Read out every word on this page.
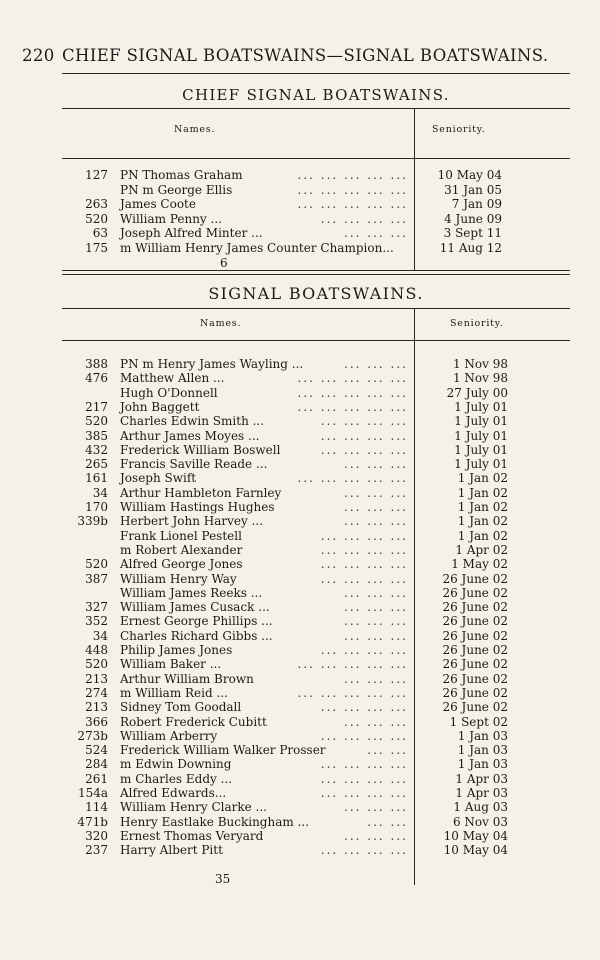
220 CHIEF SIGNAL BOATSWAINS—SIGNAL BOATSWAINS.
CHIEF SIGNAL BOATSWAINS.
Names.	Seniority.
127 PN Thomas Graham	... ... ... ... ... 10 May 04
PN m George Ellis	... ... ... ... ...	31 Jan 05
263 James Coote	... ... ... ... ...	7 Jan 09
520 William Penny ...	... ... ... ...	4 June 09
63 Joseph Alfred Minter ...	... ... ...	3 Sept 11
175 m William Henry James Counter Champion...	11 Aug 12
6
SIGNAL BOATSWAINS.
Names.	Seniority.
388 PN m Henry James Wayling ...	... ... ...	1 Nov 98
476 Matthew Allen ...	... ... ... ... ...	1 Nov 98
Hugh O'Donnell	... ... ... ... ...	27 July 00
217 John Baggett	... ... ... ... ...	1 July 01
520 Charles Edwin Smith ...	... ... ... ...	1 July 01
385 Arthur James Moyes ...	... ... ... ...	1 July 01
432 Frederick William Boswell	... ... ... ...	1 July 01
265 Francis Saville Reade ...	... ... ...	1 July 01
161 Joseph Swift	... ... ... ... ...	1 Jan 02
34 Arthur Hambleton Farnley	... ... ...	1 Jan 02
170 William Hastings Hughes	... ... ...	1 Jan 02
339b Herbert John Harvey ...	... ... ...	1 Jan 02
Frank Lionel Pestell	... ... ... ...	1 Jan 02
m Robert Alexander	... ... ... ...	1 Apr 02
520 Alfred George Jones	... ... ... ...	1 May 02
387 William Henry Way	... ... ... ...	26 June 02
William James Reeks ...	... ... ...	26 June 02
327 William James Cusack ...	... ... ...	26 June 02
352 Ernest George Phillips ...	... ... ...	26 June 02
34 Charles Richard Gibbs ...	... ... ...	26 June 02
448 Philip James Jones	... ... ... ...	26 June 02
520 William Baker ...	... ... ... ... ...	26 June 02
213 Arthur William Brown	... ... ...	26 June 02
274 m William Reid ...	... ... ... ... ...	26 June 02
213 Sidney Tom Goodall	... ... ... ...	26 June 02
366 Robert Frederick Cubitt	... ... ...	1 Sept 02
273b William Arberry	... ... ... ...	1 Jan 03
524 Frederick William Walker Prosser	... ...	1 Jan 03
284 m Edwin Downing	... ... ... ...	1 Jan 03
261 m Charles Eddy ...	... ... ... ...	1 Apr 03
154a Alfred Edwards...	... ... ... ...	1 Apr 03
114 William Henry Clarke ...	... ... ...	1 Aug 03
471b Henry Eastlake Buckingham ...	... ...	6 Nov 03
320 Ernest Thomas Veryard	... ... ...	10 May 04
237 Harry Albert Pitt	... ... ... ...	10 May 04
35
